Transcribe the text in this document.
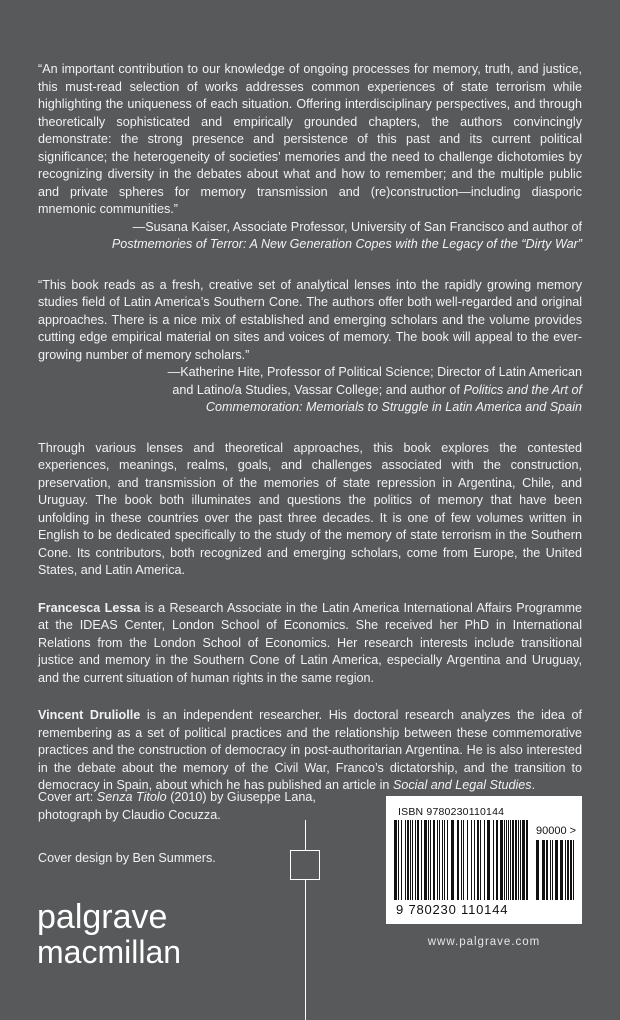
“An important contribution to our knowledge of ongoing processes for memory, truth, and justice, this must-read selection of works addresses common experiences of state terrorism while highlighting the uniqueness of each situation. Offering interdisciplinary perspectives, and through theoretically sophisticated and empirically grounded chapters, the authors convincingly demonstrate: the strong presence and persistence of this past and its current political significance; the heterogeneity of societies’ memories and the need to challenge dichotomies by recognizing diversity in the debates about what and how to remember; and the multiple public and private spheres for memory transmission and (re)construction—including diasporic mnemonic communities.”

—Susana Kaiser, Associate Professor, University of San Francisco and author of

Postmemories of Terror: A New Generation Copes with the Legacy of the “Dirty War”

“This book reads as a fresh, creative set of analytical lenses into the rapidly growing memory studies field of Latin America’s Southern Cone. The authors offer both well-regarded and original approaches. There is a nice mix of established and emerging scholars and the volume provides cutting edge empirical material on sites and voices of memory. The book will appeal to the ever-growing number of memory scholars.”

—Katherine Hite, Professor of Political Science; Director of Latin American

and Latino/a Studies, Vassar College; and author of Politics and the Art of

Commemoration: Memorials to Struggle in Latin America and Spain

Through various lenses and theoretical approaches, this book explores the contested experiences, meanings, realms, goals, and challenges associated with the construction, preservation, and transmission of the memories of state repression in Argentina, Chile, and Uruguay. The book both illuminates and questions the politics of memory that have been unfolding in these countries over the past three decades. It is one of few volumes written in English to be dedicated specifically to the study of the memory of state terrorism in the Southern Cone. Its contributors, both recognized and emerging scholars, come from Europe, the United States, and Latin America.

Francesca Lessa is a Research Associate in the Latin America International Affairs Programme at the IDEAS Center, London School of Economics. She received her PhD in International Relations from the London School of Economics. Her research interests include transitional justice and memory in the Southern Cone of Latin America, especially Argentina and Uruguay, and the current situation of human rights in the same region.

Vincent Druliolle is an independent researcher. His doctoral research analyzes the idea of remembering as a set of political practices and the relationship between these commemorative practices and the construction of democracy in post-authoritarian Argentina. He is also interested in the debate about the memory of the Civil War, Franco’s dictatorship, and the transition to democracy in Spain, about which he has published an article in Social and Legal Studies.

Cover art: Senza Titolo (2010) by Giuseppe Lana,
photograph by Claudio Cocuzza.
Cover design by Ben Summers.
palgrave
macmillan
ISBN 9780230110144
90000 >
9 780230 110144
www.palgrave.com
